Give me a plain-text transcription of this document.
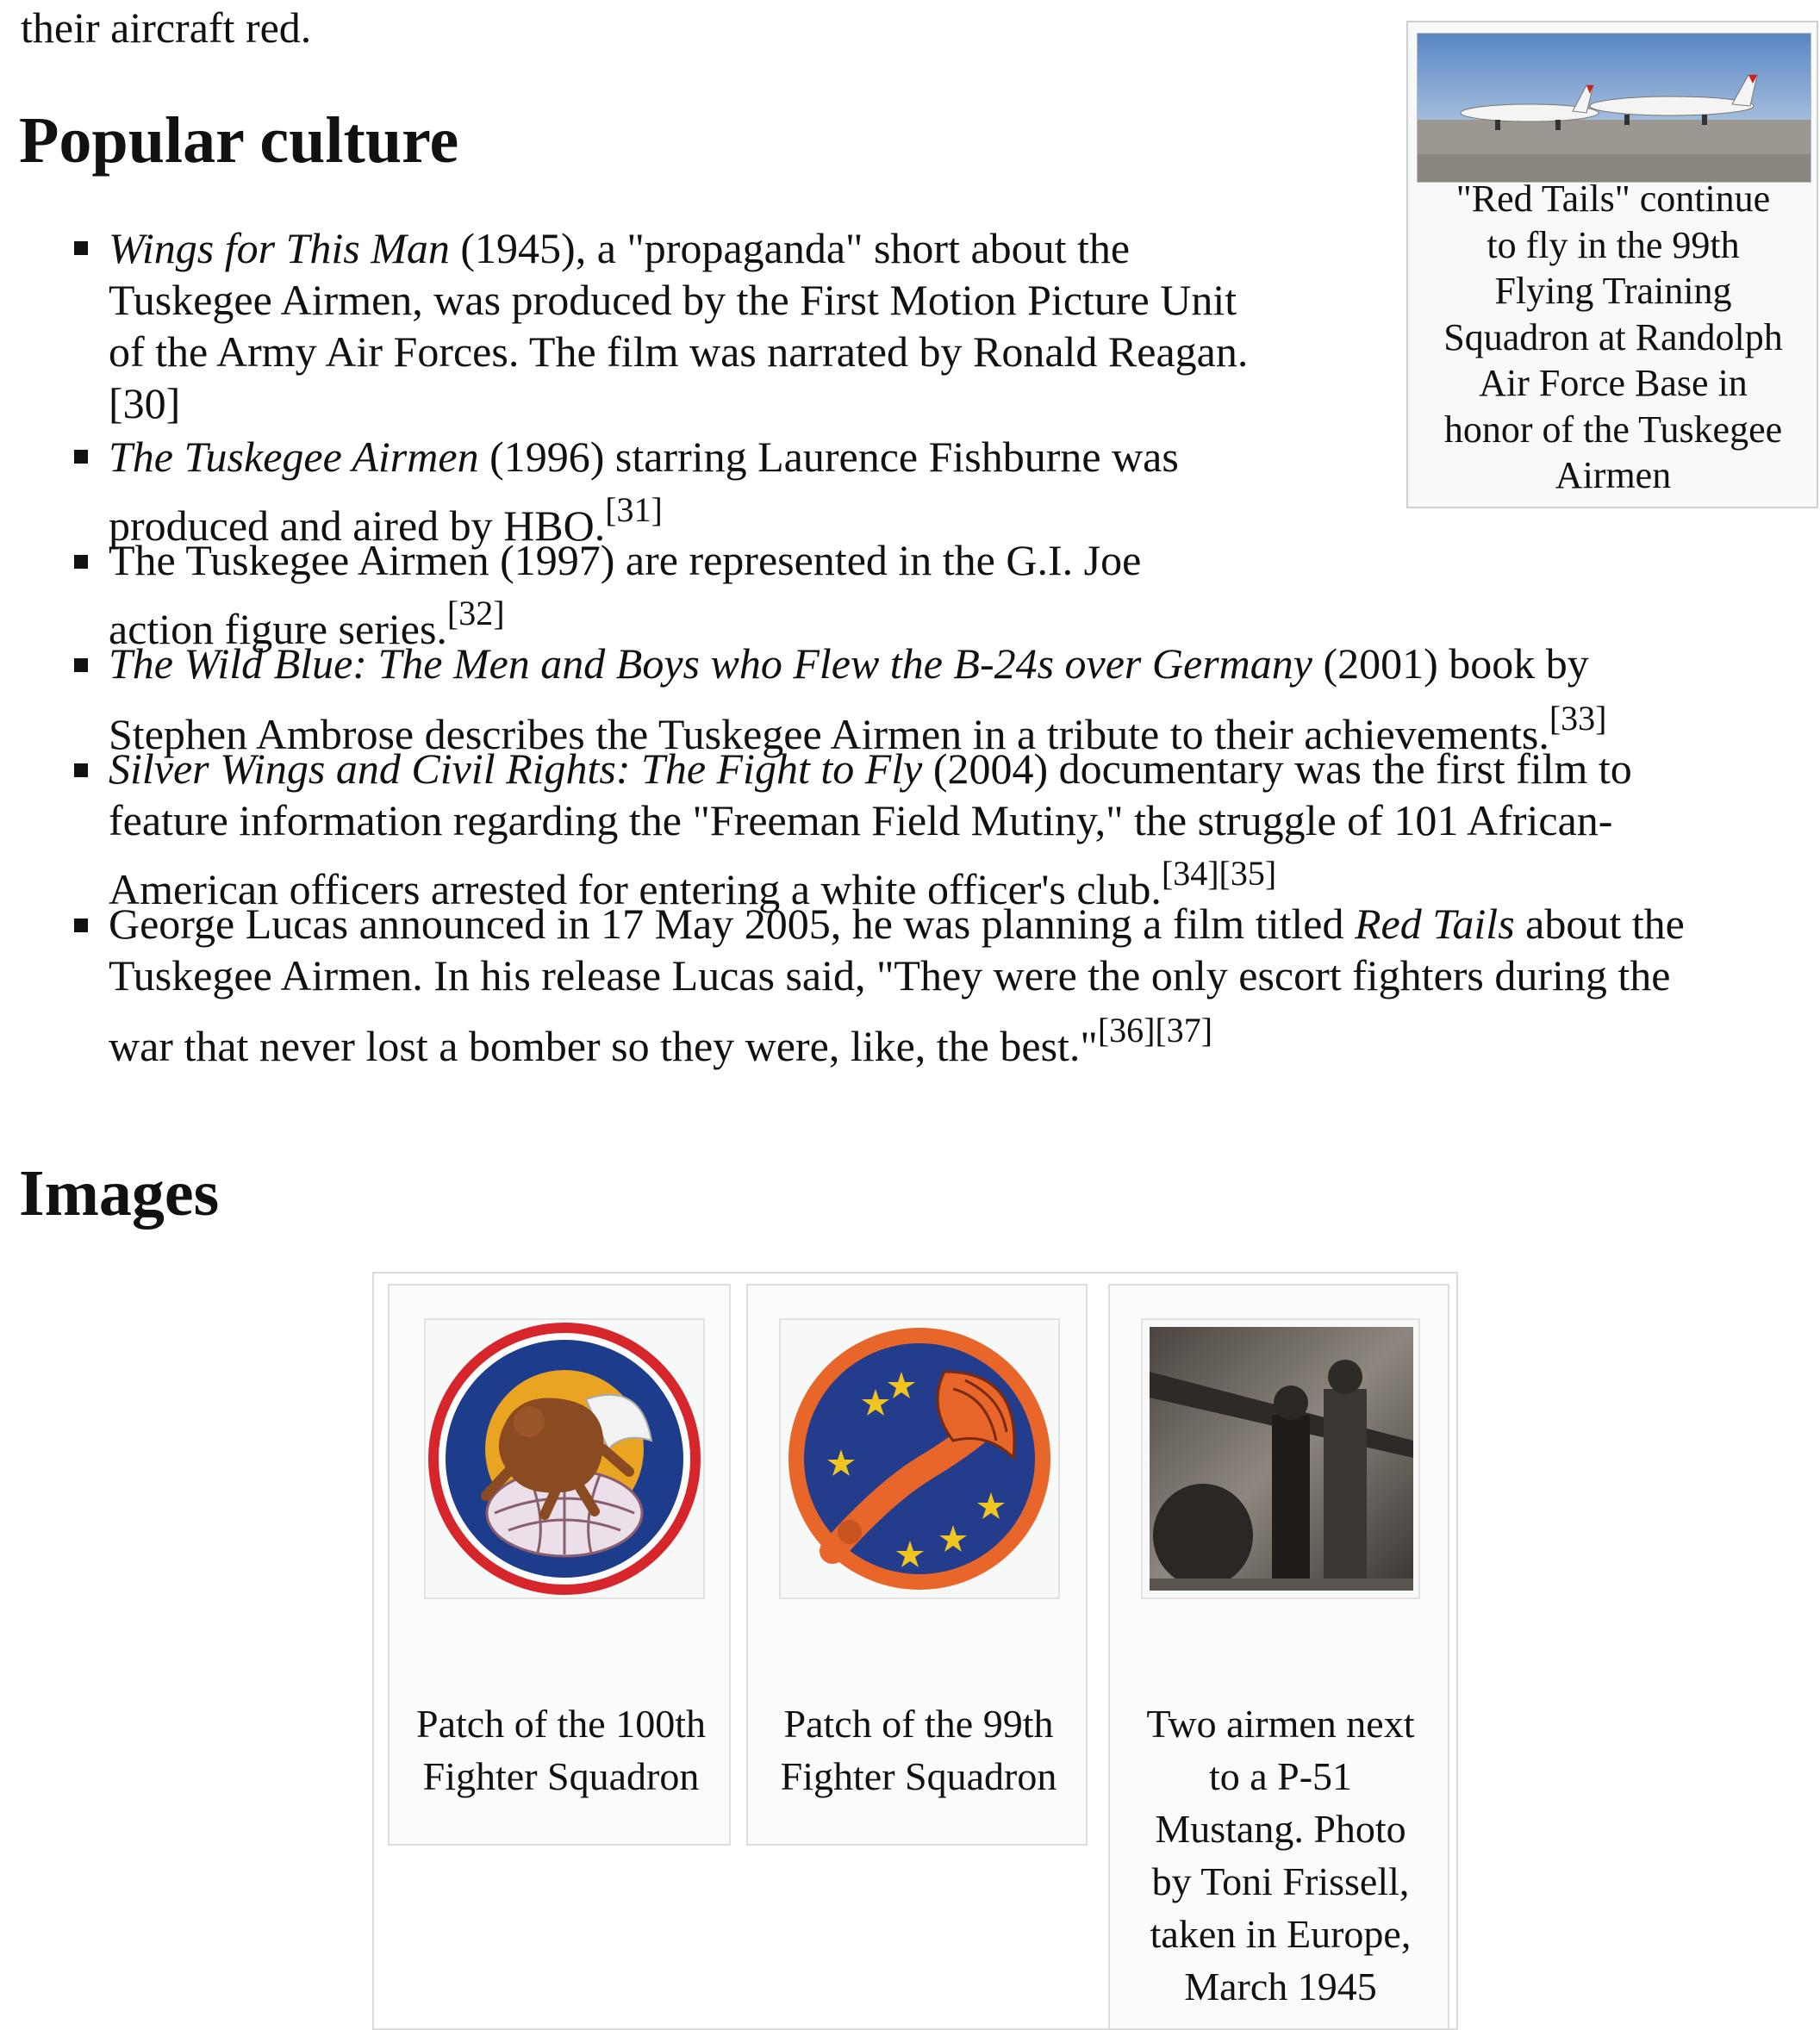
their aircraft red.
Popular culture
"Red Tails" continue
to fly in the 99th
Flying Training
Squadron at Randolph
Air Force Base in
honor of the Tuskegee
Airmen
Wings for This Man (1945), a "propaganda" short about the
Tuskegee Airmen, was produced by the First Motion Picture Unit
of the Army Air Forces. The film was narrated by Ronald Reagan.
[30]
The Tuskegee Airmen (1996) starring Laurence Fishburne was
produced and aired by HBO.[31]
The Tuskegee Airmen (1997) are represented in the G.I. Joe
action figure series.[32]
The Wild Blue: The Men and Boys who Flew the B-24s over Germany (2001) book by
Stephen Ambrose describes the Tuskegee Airmen in a tribute to their achievements.[33]
Silver Wings and Civil Rights: The Fight to Fly (2004) documentary was the first film to
feature information regarding the "Freeman Field Mutiny," the struggle of 101 African-
American officers arrested for entering a white officer's club.[34][35]
George Lucas announced in 17 May 2005, he was planning a film titled Red Tails about the
Tuskegee Airmen. In his release Lucas said, "They were the only escort fighters during the
war that never lost a bomber so they were, like, the best."[36][37]
Images
Patch of the 100th
Fighter Squadron
Patch of the 99th
Fighter Squadron
Two airmen next
to a P-51
Mustang. Photo
by Toni Frissell,
taken in Europe,
March 1945
